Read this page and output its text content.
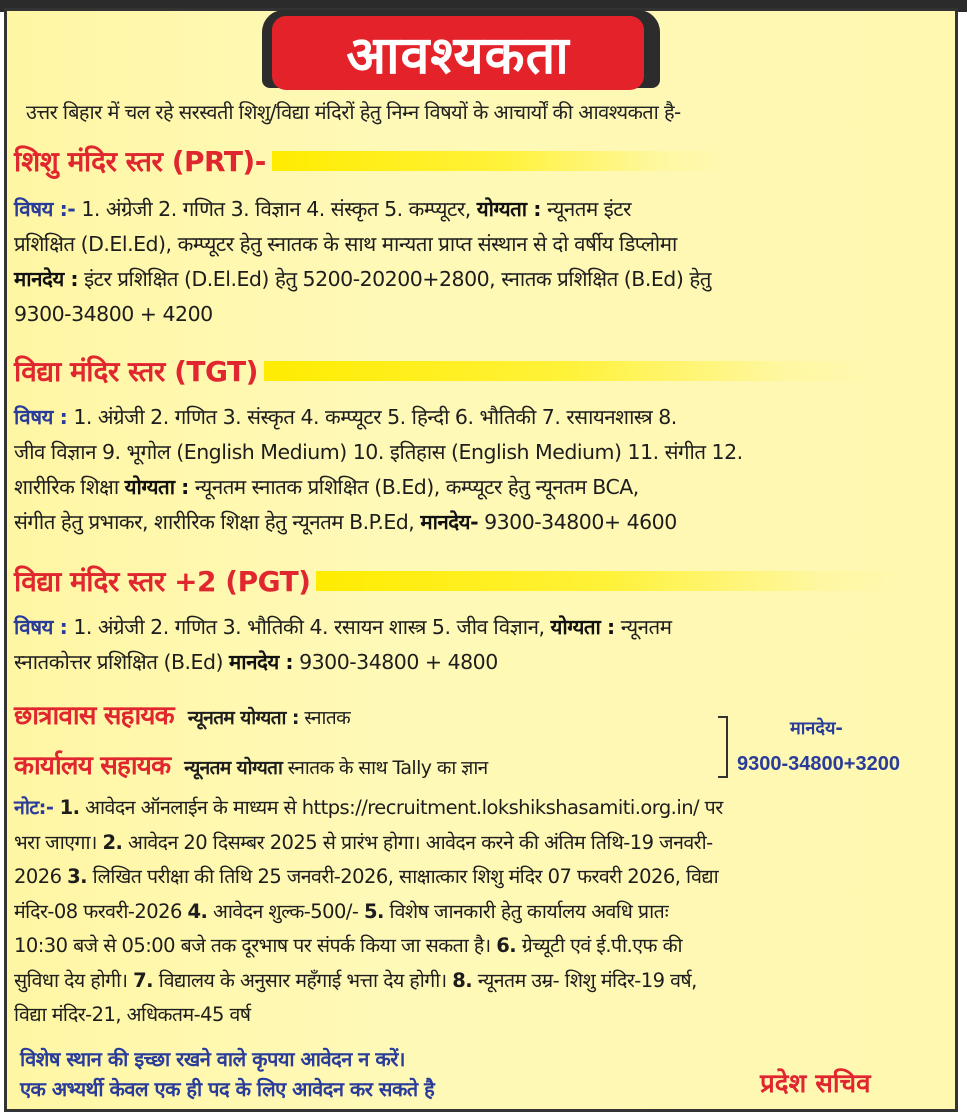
आवश्यकता
उत्तर बिहार में चल रहे सरस्वती शिशु/विद्या मंदिरों हेतु निम्न विषयों के आचार्यों की आवश्यकता है-
शिशु मंदिर स्तर (PRT)-
विषय :- 1. अंग्रेजी 2. गणित 3. विज्ञान 4. संस्कृत 5. कम्प्यूटर, योग्यता : न्यूनतम इंटर
प्रशिक्षित (D.El.Ed), कम्प्यूटर हेतु स्नातक के साथ मान्यता प्राप्त संस्थान से दो वर्षीय डिप्लोमा
मानदेय : इंटर प्रशिक्षित (D.El.Ed) हेतु 5200-20200+2800, स्नातक प्रशिक्षित (B.Ed) हेतु
9300-34800 + 4200
विद्या मंदिर स्तर (TGT)
विषय : 1. अंग्रेजी 2. गणित 3. संस्कृत 4. कम्प्यूटर 5. हिन्दी 6. भौतिकी 7. रसायनशास्त्र 8.
जीव विज्ञान 9. भूगोल (English Medium) 10. इतिहास (English Medium) 11. संगीत 12.
शारीरिक शिक्षा योग्यता : न्यूनतम स्नातक प्रशिक्षित (B.Ed), कम्प्यूटर हेतु न्यूनतम BCA,
संगीत हेतु प्रभाकर, शारीरिक शिक्षा हेतु न्यूनतम B.P.Ed, मानदेय- 9300-34800+ 4600
विद्या मंदिर स्तर +2 (PGT)
विषय : 1. अंग्रेजी 2. गणित 3. भौतिकी 4. रसायन शास्त्र 5. जीव विज्ञान, योग्यता : न्यूनतम
स्नातकोत्तर प्रशिक्षित (B.Ed) मानदेय : 9300-34800 + 4800
छात्रावास सहायक न्यूनतम योग्यता : स्नातक
कार्यालय सहायक न्यूनतम योग्यता स्नातक के साथ Tally का ज्ञान
मानदेय-
9300-34800+3200
नोट:- 1. आवेदन ऑनलाईन के माध्यम से https://recruitment.lokshikshasamiti.org.in/ पर
भरा जाएगा। 2. आवेदन 20 दिसम्बर 2025 से प्रारंभ होगा। आवेदन करने की अंतिम तिथि-19 जनवरी-
2026 3. लिखित परीक्षा की तिथि 25 जनवरी-2026, साक्षात्कार शिशु मंदिर 07 फरवरी 2026, विद्या
मंदिर-08 फरवरी-2026 4. आवेदन शुल्क-500/- 5. विशेष जानकारी हेतु कार्यालय अवधि प्रातः
10:30 बजे से 05:00 बजे तक दूरभाष पर संपर्क किया जा सकता है। 6. ग्रेच्यूटी एवं ई.पी.एफ की
सुविधा देय होगी। 7. विद्यालय के अनुसार महँगाई भत्ता देय होगी। 8. न्यूनतम उम्र- शिशु मंदिर-19 वर्ष,
विद्या मंदिर-21, अधिकतम-45 वर्ष
विशेष स्थान की इच्छा रखने वाले कृपया आवेदन न करें।
एक अभ्यर्थी केवल एक ही पद के लिए आवेदन कर सकते है	प्रदेश सचिव
